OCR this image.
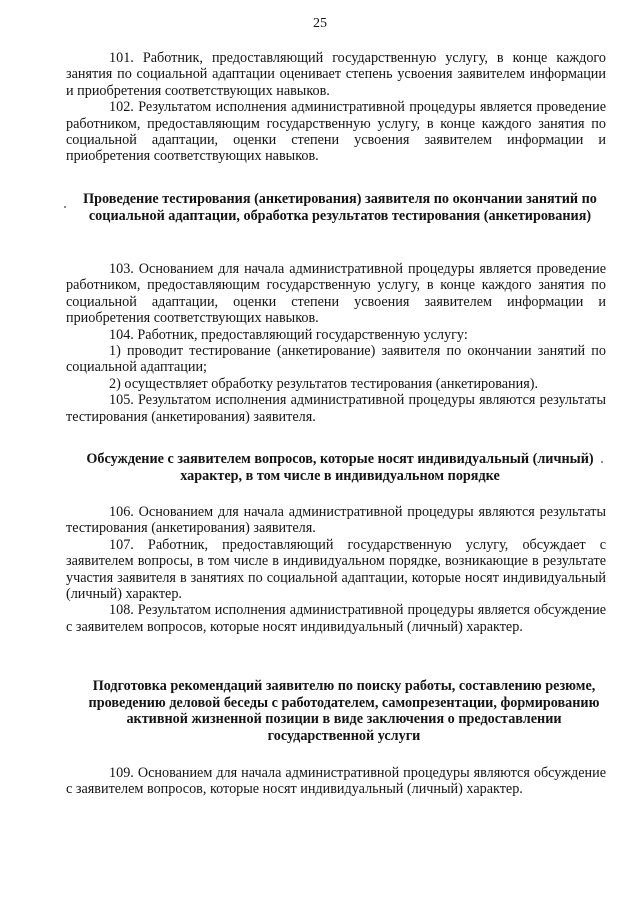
25

101. Работник, предоставляющий государственную услугу, в конце каждого занятия по социальной адаптации оценивает степень усвоения заявителем информации и приобретения соответствующих навыков.

102. Результатом исполнения административной процедуры является проведение работником, предоставляющим государственную услугу, в конце каждого занятия по социальной адаптации, оценки степени усвоения заявителем информации и приобретения соответствующих навыков.

Проведение тестирования (анкетирования) заявителя по окончании занятий по социальной адаптации, обработка результатов тестирования (анкетирования)

103. Основанием для начала административной процедуры является проведение работником, предоставляющим государственную услугу, в конце каждого занятия по социальной адаптации, оценки степени усвоения заявителем информации и приобретения соответствующих навыков.

104. Работник, предоставляющий государственную услугу:

1) проводит тестирование (анкетирование) заявителя по окончании занятий по социальной адаптации;

2) осуществляет обработку результатов тестирования (анкетирования).

105. Результатом исполнения административной процедуры являются результаты тестирования (анкетирования) заявителя.

Обсуждение с заявителем вопросов, которые носят индивидуальный (личный) характер, в том числе в индивидуальном порядке

106. Основанием для начала административной процедуры являются результаты тестирования (анкетирования) заявителя.

107. Работник, предоставляющий государственную услугу, обсуждает с заявителем вопросы, в том числе в индивидуальном порядке, возникающие в результате участия заявителя в занятиях по социальной адаптации, которые носят индивидуальный (личный) характер.

108. Результатом исполнения административной процедуры является обсуждение с заявителем вопросов, которые носят индивидуальный (личный) характер.

Подготовка рекомендаций заявителю по поиску работы, составлению резюме, проведению деловой беседы с работодателем, самопрезентации, формированию активной жизненной позиции в виде заключения о предоставлении государственной услуги

109. Основанием для начала административной процедуры являются обсуждение с заявителем вопросов, которые носят индивидуальный (личный) характер.
